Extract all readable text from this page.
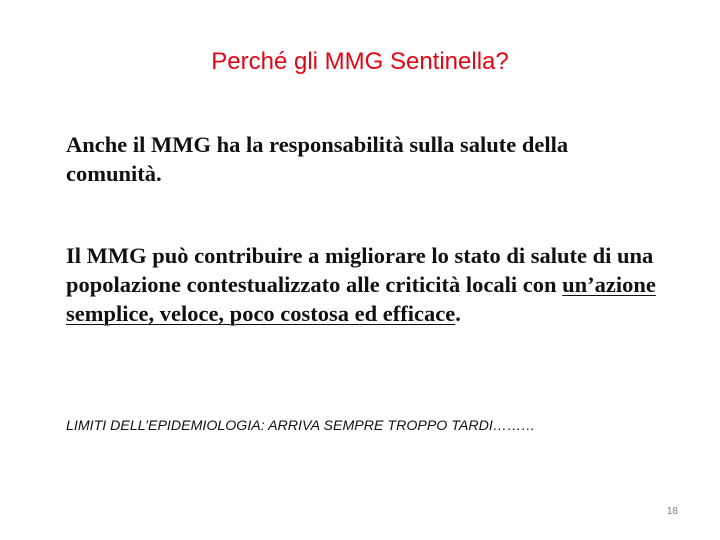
Perché gli MMG Sentinella?

Anche il MMG ha la responsabilità sulla salute della comunità.

Il MMG può contribuire a migliorare lo stato di salute di una popolazione contestualizzato alle criticità locali con un’azione semplice, veloce, poco costosa ed efficace.

LIMITI DELL’EPIDEMIOLOGIA: ARRIVA SEMPRE TROPPO TARDI………

18
